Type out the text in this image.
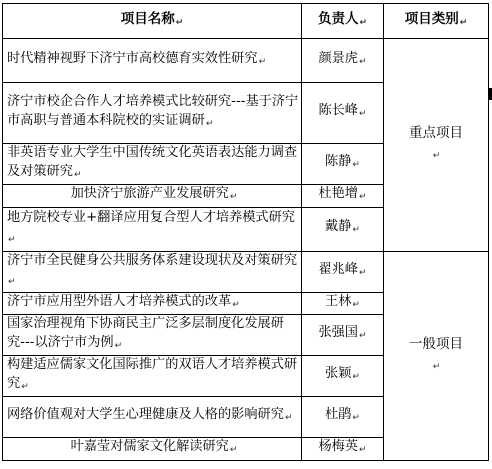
项目名称↵	负责人↵	项目类别↵
时代精神视野下济宁市高校德育实效性研究↵	颜景虎↵	重点项目
↵
济宁市校企合作人才培养模式比较研究---基于济宁市高职与普通本科院校的实证调研↵	陈长峰↵	
非英语专业大学生中国传统文化英语表达能力调查及对策研究↵	陈静↵	
加快济宁旅游产业发展研究↵	杜艳增↵	
地方院校专业+翻译应用复合型人才培养模式研究↵	戴静↵	
济宁市全民健身公共服务体系建设现状及对策研究↵	翟兆峰↵	一般项目
↵
济宁市应用型外语人才培养模式的改革↵	王林↵	
国家治理视角下协商民主广泛多层制度化发展研究---以济宁市为例↵	张强国↵	
构建适应儒家文化国际推广的双语人才培养模式研究↵	张颖↵	
网络价值观对大学生心理健康及人格的影响研究↵	杜鹃↵	
叶嘉莹对儒家文化解读研究↵	杨梅英↵	
